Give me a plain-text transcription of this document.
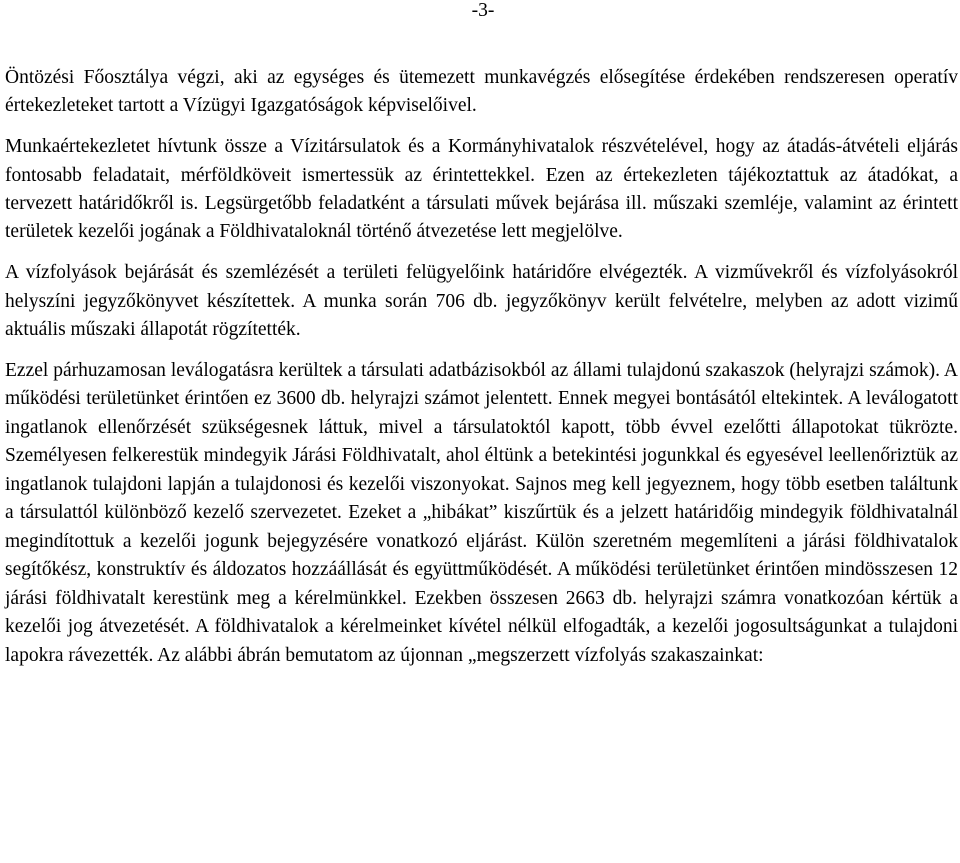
-3-

Öntözési Főosztálya végzi, aki az egységes és ütemezett munkavégzés elősegítése érdekében rendszeresen operatív értekezleteket tartott a Vízügyi Igazgatóságok képviselőivel.

Munkaértekezletet hívtunk össze a Vízitársulatok és a Kormányhivatalok részvételével, hogy az átadás-átvételi eljárás fontosabb feladatait, mérföldköveit ismertessük az érintettekkel. Ezen az értekezleten tájékoztattuk az átadókat, a tervezett határidőkről is. Legsürgetőbb feladatként a társulati művek bejárása ill. műszaki szemléje, valamint az érintett területek kezelői jogának a Földhivataloknál történő átvezetése lett megjelölve.

A vízfolyások bejárását és szemlézését a területi felügyelőink határidőre elvégezték. A vizművekről és vízfolyásokról helyszíni jegyzőkönyvet készítettek. A munka során 706 db. jegyzőkönyv került felvételre, melyben az adott vizimű aktuális műszaki állapotát rögzítették.

Ezzel párhuzamosan leválogatásra kerültek a társulati adatbázisokból az állami tulajdonú szakaszok (helyrajzi számok). A működési területünket érintően ez 3600 db. helyrajzi számot jelentett. Ennek megyei bontásától eltekintek. A leválogatott ingatlanok ellenőrzését szükségesnek láttuk, mivel a társulatoktól kapott, több évvel ezelőtti állapotokat tükrözte. Személyesen felkerestük mindegyik Járási Földhivatalt, ahol éltünk a betekintési jogunkkal és egyesével leellenőriztük az ingatlanok tulajdoni lapján a tulajdonosi és kezelői viszonyokat. Sajnos meg kell jegyeznem, hogy több esetben találtunk a társulattól különböző kezelő szervezetet. Ezeket a „hibákat” kiszűrtük és a jelzett határidőig mindegyik földhivatalnál megindítottuk a kezelői jogunk bejegyzésére vonatkozó eljárást. Külön szeretném megemlíteni a járási földhivatalok segítőkész, konstruktív és áldozatos hozzáállását és együttműködését. A működési területünket érintően mindösszesen 12 járási földhivatalt kerestünk meg a kérelmünkkel. Ezekben összesen 2663 db. helyrajzi számra vonatkozóan kértük a kezelői jog átvezetését. A földhivatalok a kérelmeinket kívétel nélkül elfogadták, a kezelői jogosultságunkat a tulajdoni lapokra rávezették. Az alábbi ábrán bemutatom az újonnan „megszerzett vízfolyás szakaszainkat:
